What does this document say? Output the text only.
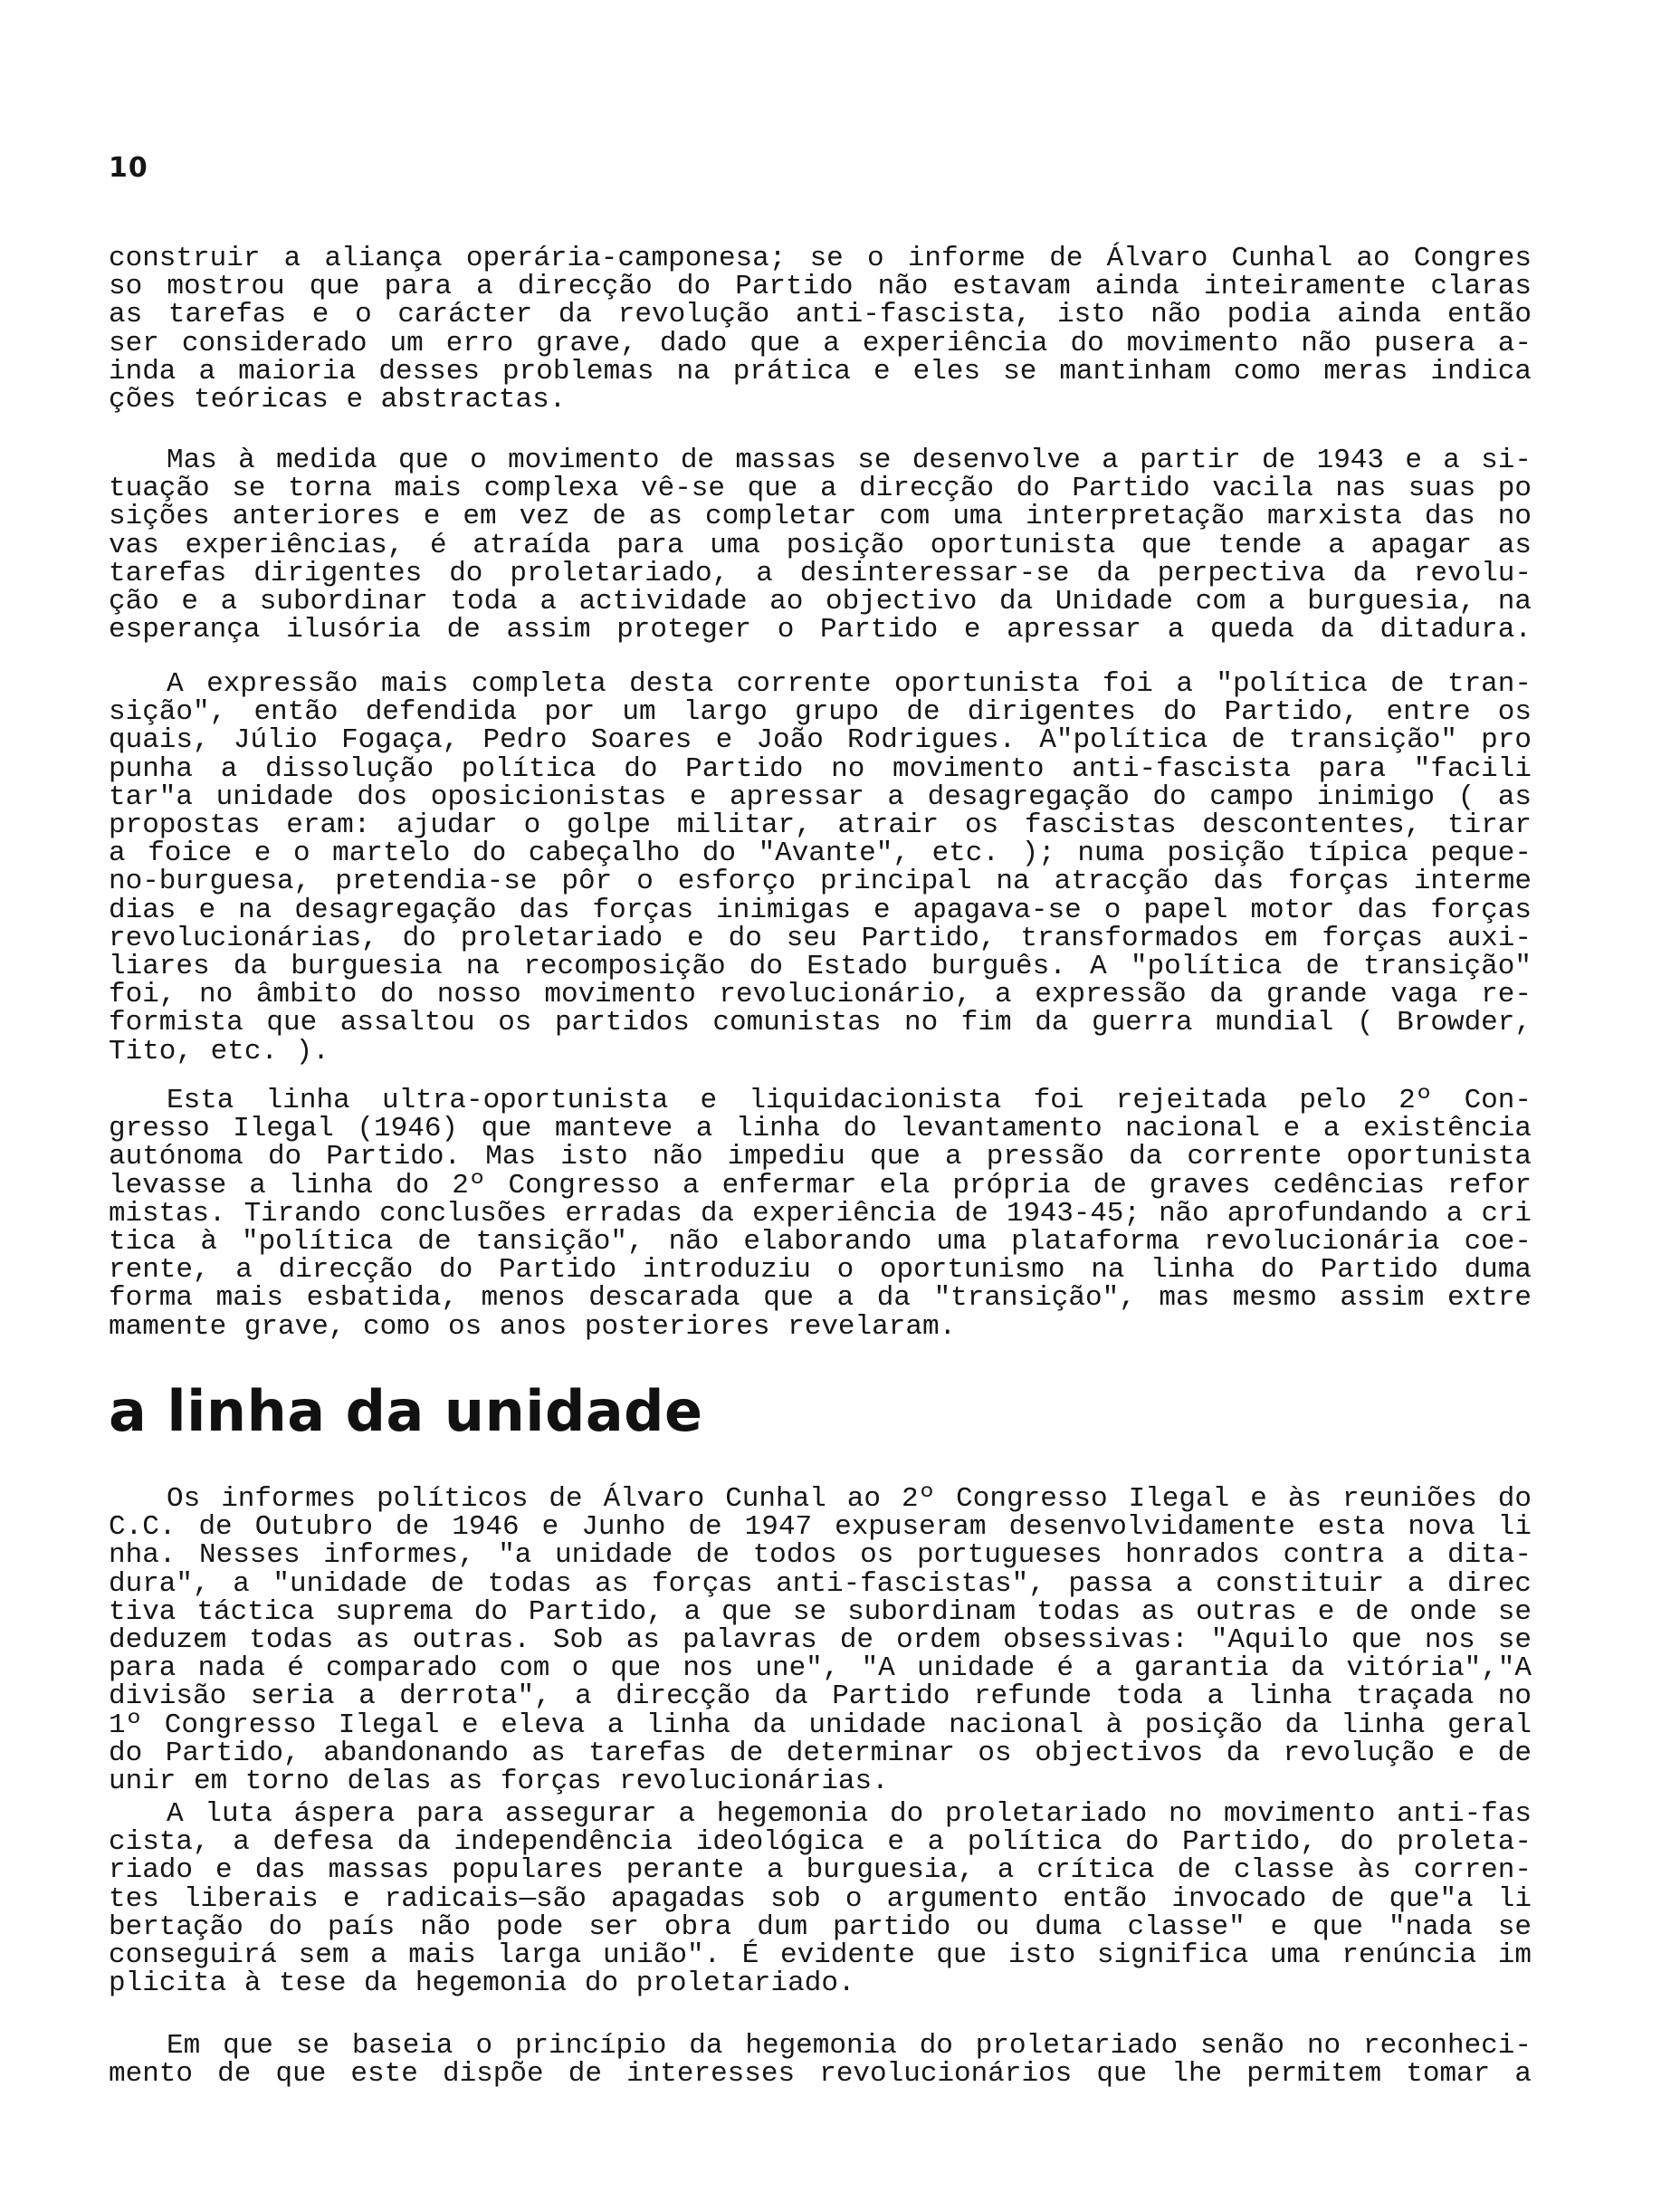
10
construir a aliança operária-camponesa; se o informe de Álvaro Cunhal ao Congres
so mostrou que para a direcção do Partido não estavam ainda inteiramente claras
as tarefas e o carácter da revolução anti-fascista, isto não podia ainda então
ser considerado um erro grave, dado que a experiência do movimento não pusera a-
inda a maioria desses problemas na prática e eles se mantinham como meras indica
ções teóricas e abstractas.
Mas à medida que o movimento de massas se desenvolve a partir de 1943 e a si-
tuação se torna mais complexa vê-se que a direcção do Partido vacila nas suas po
sições anteriores e em vez de as completar com uma interpretação marxista das no
vas experiências, é atraída para uma posição oportunista que tende a apagar as
tarefas dirigentes do proletariado, a desinteressar-se da perpectiva da revolu-
ção e a subordinar toda a actividade ao objectivo da Unidade com a burguesia, na
esperança ilusória de assim proteger o Partido e apressar a queda da ditadura.
A expressão mais completa desta corrente oportunista foi a "política de tran-
sição", então defendida por um largo grupo de dirigentes do Partido, entre os
quais, Júlio Fogaça, Pedro Soares e João Rodrigues. A"política de transição" pro
punha a dissolução política do Partido no movimento anti-fascista para "facili
tar"a unidade dos oposicionistas e apressar a desagregação do campo inimigo ( as
propostas eram: ajudar o golpe militar, atrair os fascistas descontentes, tirar
a foice e o martelo do cabeçalho do "Avante", etc. ); numa posição típica peque-
no-burguesa, pretendia-se pôr o esforço principal na atracção das forças interme
dias e na desagregação das forças inimigas e apagava-se o papel motor das forças
revolucionárias, do proletariado e do seu Partido, transformados em forças auxi-
liares da burguesia na recomposição do Estado burguês. A "política de transição"
foi, no âmbito do nosso movimento revolucionário, a expressão da grande vaga re-
formista que assaltou os partidos comunistas no fim da guerra mundial ( Browder,
Tito, etc. ).
Esta linha ultra-oportunista e liquidacionista foi rejeitada pelo 2º Con-
gresso Ilegal (1946) que manteve a linha do levantamento nacional e a existência
autónoma do Partido. Mas isto não impediu que a pressão da corrente oportunista
levasse a linha do 2º Congresso a enfermar ela própria de graves cedências refor
mistas. Tirando conclusões erradas da experiência de 1943-45; não aprofundando a cri
tica à "política de tansição", não elaborando uma plataforma revolucionária coe-
rente, a direcção do Partido introduziu o oportunismo na linha do Partido duma
forma mais esbatida, menos descarada que a da "transição", mas mesmo assim extre
mamente grave, como os anos posteriores revelaram.
a linha da unidade
Os informes políticos de Álvaro Cunhal ao 2º Congresso Ilegal e às reuniões do
C.C. de Outubro de 1946 e Junho de 1947 expuseram desenvolvidamente esta nova li
nha. Nesses informes, "a unidade de todos os portugueses honrados contra a dita-
dura", a "unidade de todas as forças anti-fascistas", passa a constituir a direc
tiva táctica suprema do Partido, a que se subordinam todas as outras e de onde se
deduzem todas as outras. Sob as palavras de ordem obsessivas: "Aquilo que nos se
para nada é comparado com o que nos une", "A unidade é a garantia da vitória","A
divisão seria a derrota", a direcção da Partido refunde toda a linha traçada no
1º Congresso Ilegal e eleva a linha da unidade nacional à posição da linha geral
do Partido, abandonando as tarefas de determinar os objectivos da revolução e de
unir em torno delas as forças revolucionárias.
A luta áspera para assegurar a hegemonia do proletariado no movimento anti-fas
cista, a defesa da independência ideológica e a política do Partido, do proleta-
riado e das massas populares perante a burguesia, a crítica de classe às corren-
tes liberais e radicais—são apagadas sob o argumento então invocado de que"a li
bertação do país não pode ser obra dum partido ou duma classe" e que "nada se
conseguirá sem a mais larga união". É evidente que isto significa uma renúncia im
plicita à tese da hegemonia do proletariado.
Em que se baseia o princípio da hegemonia do proletariado senão no reconheci-
mento de que este dispõe de interesses revolucionários que lhe permitem tomar a
